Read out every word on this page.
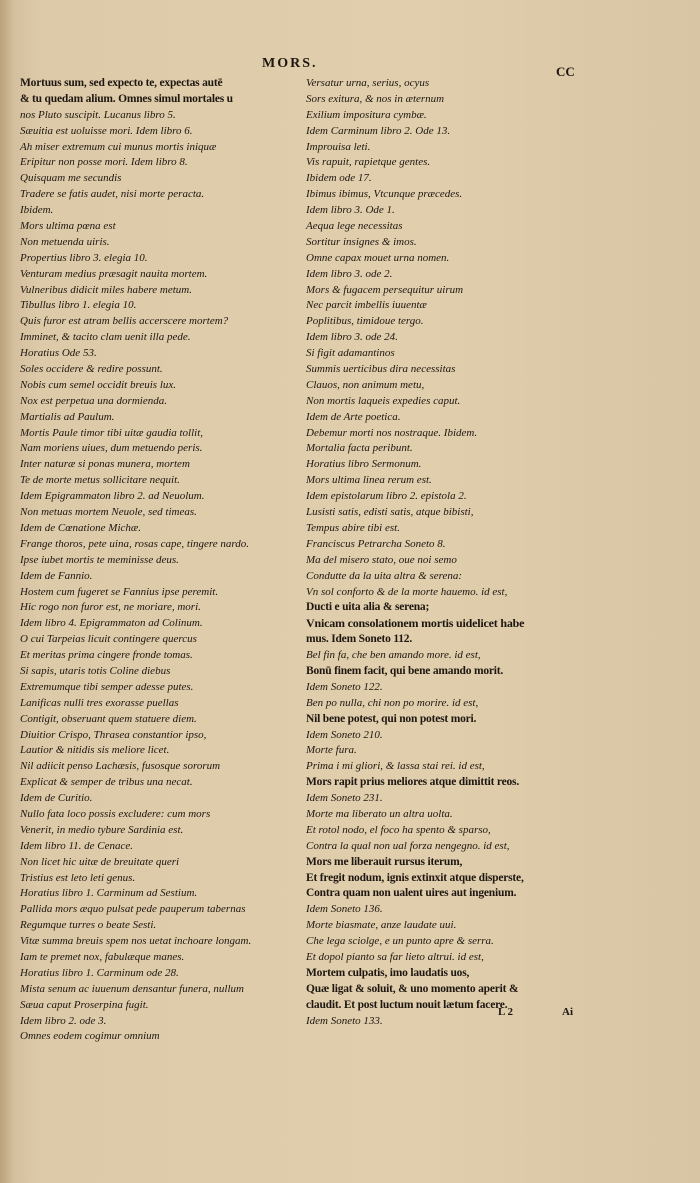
MORS.
CC
Mortuus sum, sed expecto te, expectas autē
& tu quedam alium. Omnes simul mortales u
nos Pluto suscipit. Lucanus libro 5.
Sæuitia est uoluisse mori. Idem libro 6.
Ah miser extremum cui munus mortis iniquæ
Eripitur non posse mori. Idem libro 8.
Quisquam me secundis
Tradere se fatis audet, nisi morte peracta.
Ibidem.
Mors ultima pœna est
Non metuenda uiris.
Propertius libro 3. elegia 10.
Venturam medius præsagit nauita mortem.
Vulneribus didicit miles habere metum.
Tibullus libro 1. elegia 10.
Quis furor est atram bellis accerscere mortem?
Imminet, & tacito clam uenit illa pede.
Horatius Ode 53.
Soles occidere & redire possunt.
Nobis cum semel occidit breuis lux.
Nox est perpetua una dormienda.
Martialis ad Paulum.
Mortis Paule timor tibi uitæ gaudia tollit,
Nam moriens uiues, dum metuendo peris.
Inter naturæ si ponas munera, mortem
Te de morte metus sollicitare nequit.
Idem Epigrammaton libro 2. ad Neuolum.
Non metuas mortem Neuole, sed timeas.
Idem de Cœnatione Michæ.
Frange thoros, pete uina, rosas cape, tingere nardo.
Ipse iubet mortis te meminisse deus.
Idem de Fannio.
Hostem cum fugeret se Fannius ipse peremit.
Hic rogo non furor est, ne moriare, mori.
Idem libro 4. Epigrammaton ad Colinum.
O cui Tarpeias licuit contingere quercus
Et meritas prima cingere fronde tomas.
Si sapis, utaris totis Coline diebus
Extremumque tibi semper adesse putes.
Lanificas nulli tres exorasse puellas
Contigit, obseruant quem statuere diem.
Diuitior Crispo, Thrasea constantior ipso,
Lautior & nitidis sis meliore licet.
Nil adiicit penso Lachæsis, fusosque sororum
Explicat & semper de tribus una necat.
Idem de Curitio.
Nullo fata loco possis excludere: cum mors
Venerit, in medio tybure Sardinia est.
Idem libro 11. de Cenace.
Non licet hic uitæ de breuitate queri
Tristius est leto leti genus.
Horatius libro 1. Carminum ad Sestium.
Pallida mors æquo pulsat pede pauperum tabernas
Regumque turres o beate Sesti.
Vitæ summa breuis spem nos uetat inchoare longam.
Iam te premet nox, fabulæque manes.
Horatius libro 1. Carminum ode 28.
Mista senum ac iuuenum densantur funera, nullum
Sæua caput Proserpina fugit.
Idem libro 2. ode 3.
Omnes eodem cogimur omnium
Versatur urna, serius, ocyus
Sors exitura, & nos in æternum
Exilium impositura cymbæ.
Idem Carminum libro 2. Ode 13.
Improuisa leti.
Vis rapuit, rapietque gentes.
Ibidem ode 17.
Ibimus ibimus, Vtcunque præcedes.
Idem libro 3. Ode 1.
Aequa lege necessitas
Sortitur insignes & imos.
Omne capax mouet urna nomen.
Idem libro 3. ode 2.
Mors & fugacem persequitur uirum
Nec parcit imbellis iuuentæ
Poplitibus, timidoue tergo.
Idem libro 3. ode 24.
Si figit adamantinos
Summis uerticibus dira necessitas
Clauos, non animum metu,
Non mortis laqueis expedies caput.
Idem de Arte poetica.
Debemur morti nos nostraque. Ibidem.
Mortalia facta peribunt.
Horatius libro Sermonum.
Mors ultima linea rerum est.
Idem epistolarum libro 2. epistola 2.
Lusisti satis, edisti satis, atque bibisti,
Tempus abire tibi est.
Franciscus Petrarcha Soneto 8.
Ma del misero stato, oue noi semo
Condutte da la uita altra & serena:
Vn sol conforto & de la morte hauemo. id est,
Ducti e uita alia & serena;
Vnicam consolationem mortis uidelicet habe
mus. Idem Soneto 112.
Bel fin fa, che ben amando more. id est,
Bonū finem facit, qui bene amando morit.
Idem Soneto 122.
Ben po nulla, chi non po morire. id est,
Nil bene potest, qui non potest mori.
Idem Soneto 210.
Morte fura.
Prima i mi gliori, & lassa stai rei. id est,
Mors rapit prius meliores atque dimittit reos.
Idem Soneto 231.
Morte ma liberato un altra uolta.
Et rotol nodo, el foco ha spento & sparso,
Contra la qual non ual forza nengegno. id est,
Mors me liberauit rursus iterum,
Et fregit nodum, ignis extinxit atque disperste,
Contra quam non ualent uires aut ingenium.
Idem Soneto 136.
Morte biasmate, anze laudate uui.
Che lega sciolge, e un punto apre & serra.
Et dopol pianto sa far lieto altrui. id est,
Mortem culpatis, imo laudatis uos,
Quæ ligat & soluit, & uno momento aperit &
claudit. Et post luctum nouit lætum facere.
Idem Soneto 133.
L 2	Ai
